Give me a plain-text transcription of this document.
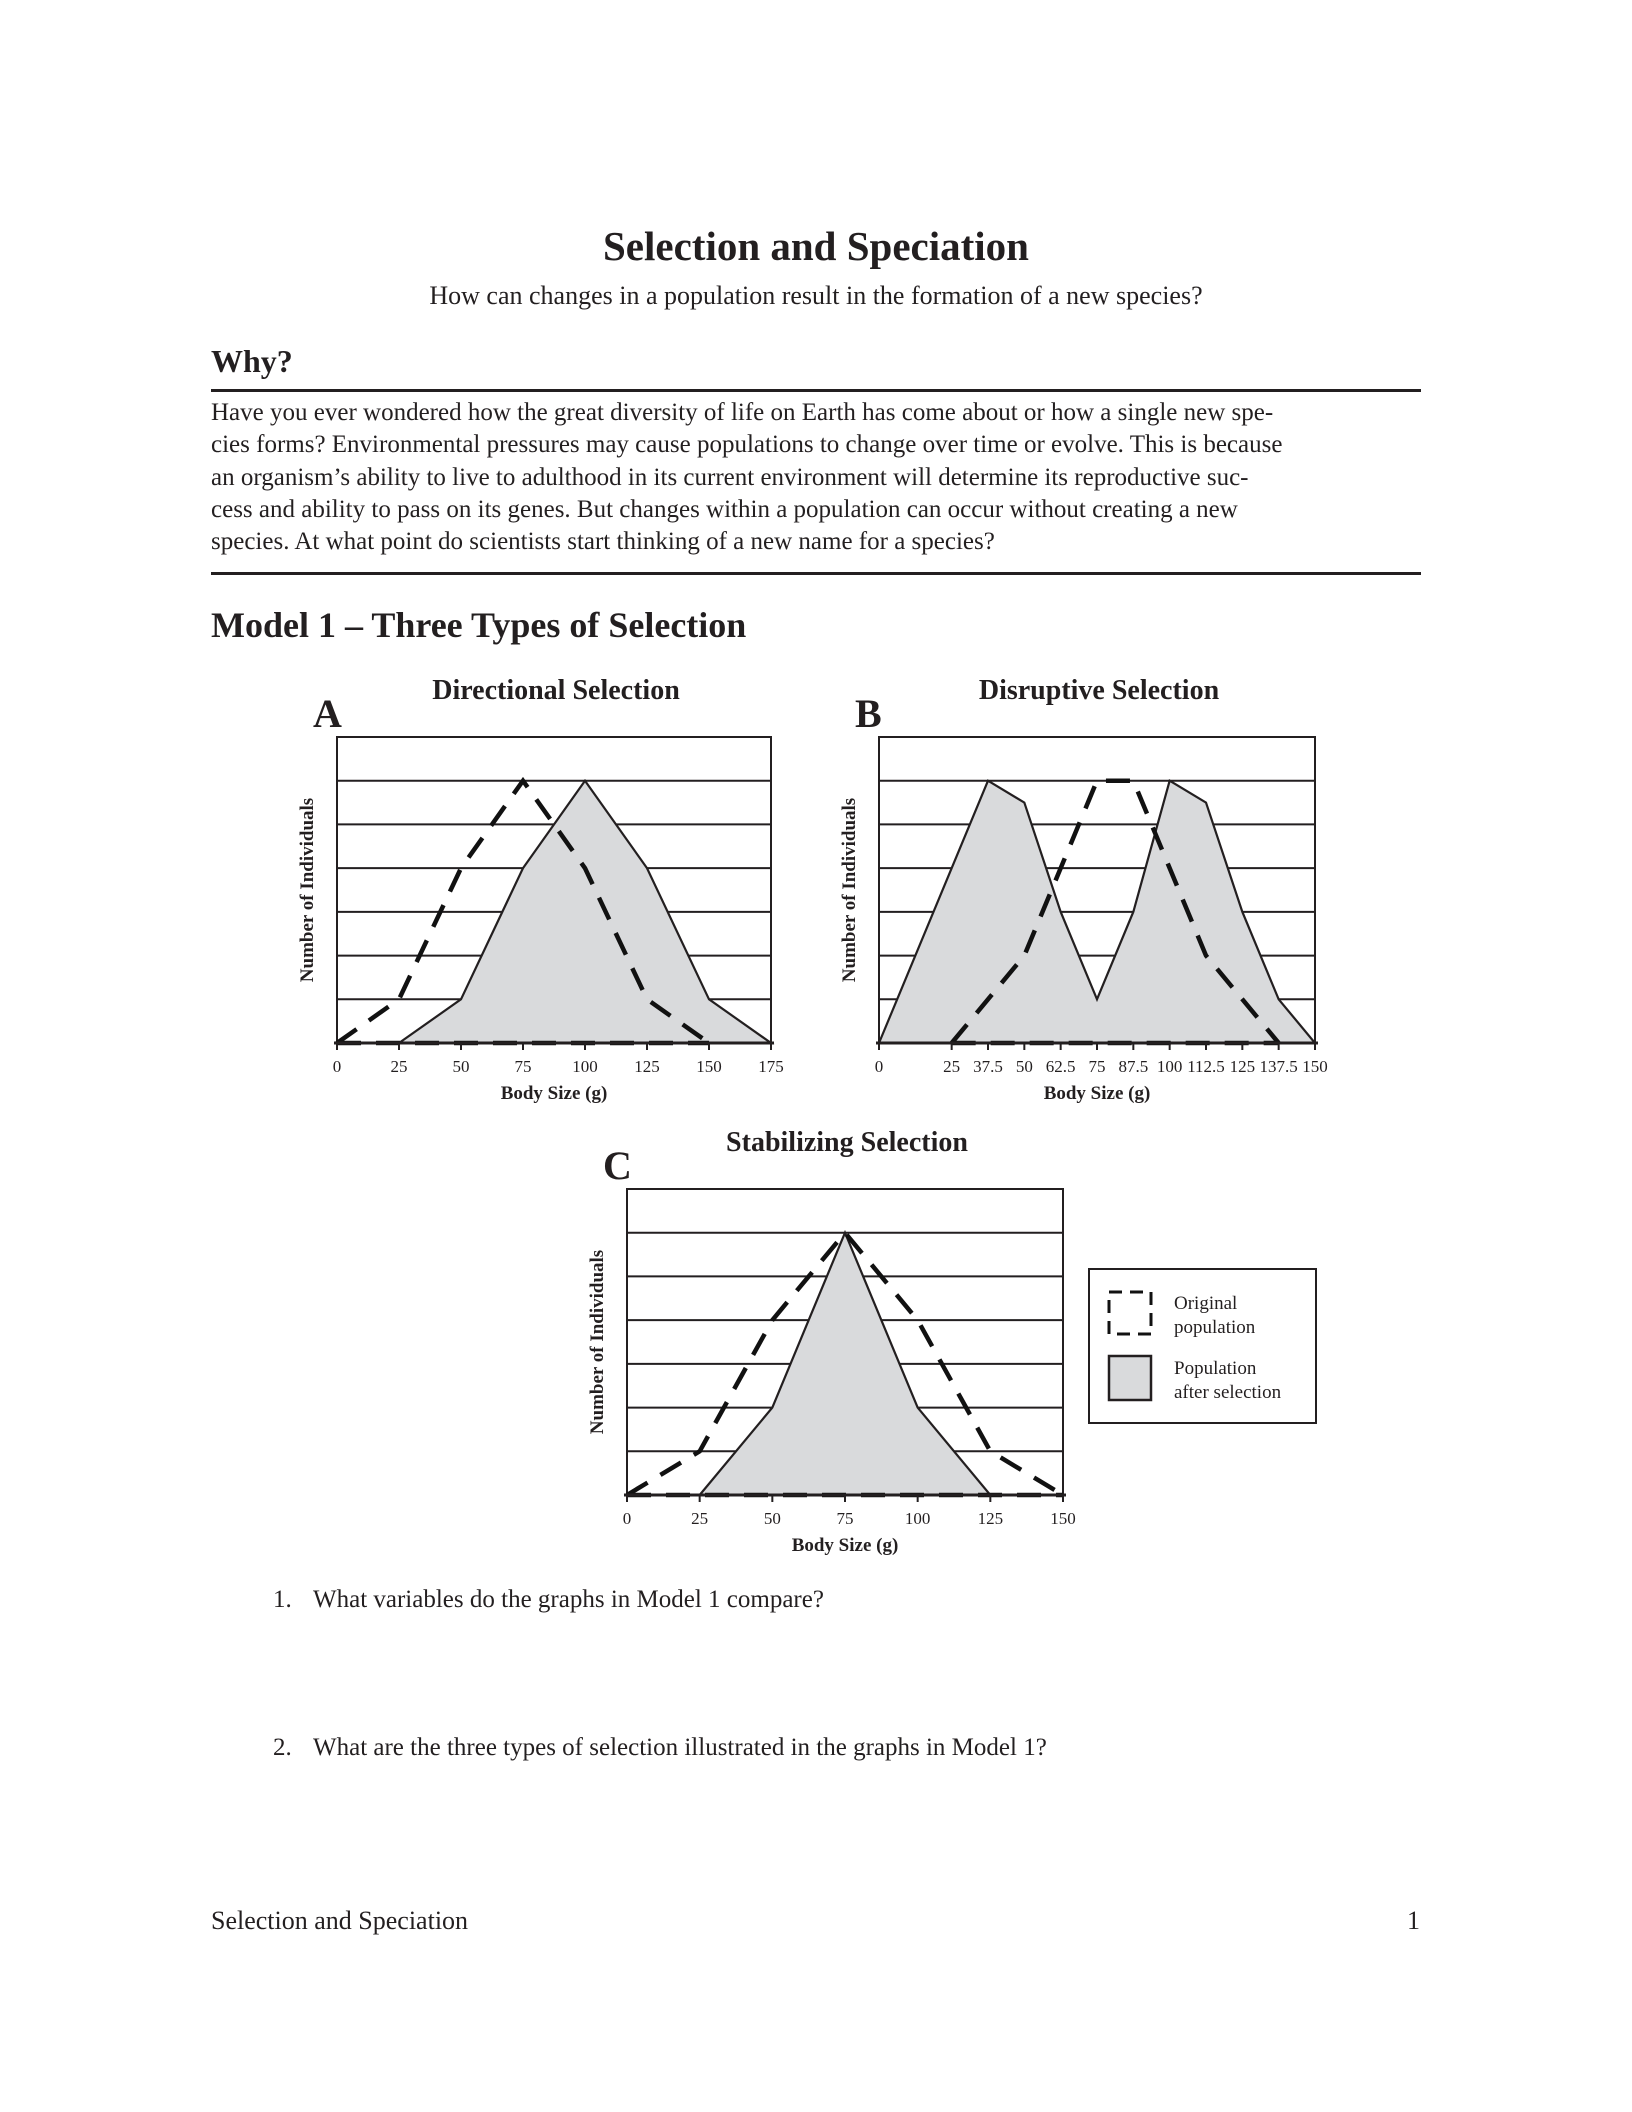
Selection and Speciation
How can changes in a population result in the formation of a new species?
Why?
Have you ever wondered how the great diversity of life on Earth has come about or how a single new spe-
cies forms? Environmental pressures may cause populations to change over time or evolve. This is because
an organism’s ability to live to adulthood in its current environment will determine its reproductive suc-
cess and ability to pass on its genes. But changes within a population can occur without creating a new
species. At what point do scientists start thinking of a new name for a species?
Model 1 – Three Types of Selection
0	25	50	75 100 125 150 175
Body Size (g)
Number of Individuals
A
Directional Selection
0	25 37.5 50 62.5 75 87.5 100 112.5 125 137.5 150
Body Size (g)
Number of Individuals
B
Disruptive Selection
0	25	50	75	100	125	150
Body Size (g)
Number of Individuals
C
Stabilizing Selection
Original
population
Population
after selection
1. What variables do the graphs in Model 1 compare?
2. What are the three types of selection illustrated in the graphs in Model 1?
Selection and Speciation	1
